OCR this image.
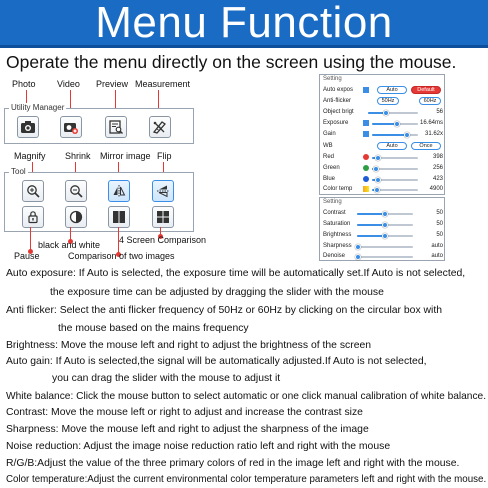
Menu Function
Operate the menu directly on the screen using the mouse.
Photo Video Preview Measurement
Utility Manager
Magnify Shrink Mirror image Flip
Tool
Pause
black and white
Comparison of two images
4 Screen Comparison
Setting
Auto expos	Auto	Default
Anti-flicker	50Hz	60Hz
Object brigt	56
Exposure	16.64ms
Gain	31.62x
WB	Auto	Once
Red	398
Green	256
Blue	423
Color temp	4900
Setting
Contrast	50
Saturation	50
Brightness	50
Sharpness	auto
Denoise	auto
Auto exposure: If Auto is selected, the exposure time will be automatically set.If Auto is not selected,
the exposure time can be adjusted by dragging the slider with the mouse
Anti flicker: Select the anti flicker frequency of 50Hz or 60Hz by clicking on the circular box with
the mouse based on the mains frequency
Brightness: Move the mouse left and right to adjust the brightness of the screen
Auto gain: If Auto is selected,the signal will be automatically adjusted.If Auto is not selected,
you can drag the slider with the mouse to adjust it
White balance: Click the mouse button to select automatic or one click manual calibration of white balance.
Contrast: Move the mouse left or right to adjust and increase the contrast size
Sharpness: Move the mouse left and right to adjust the sharpness of the image
Noise reduction: Adjust the image noise reduction ratio left and right with the mouse
R/G/B:Adjust the value of the three primary colors of red in the image left and right with the mouse.
Color temperature:Adjust the current environmental color temperature parameters left and right with the mouse.
